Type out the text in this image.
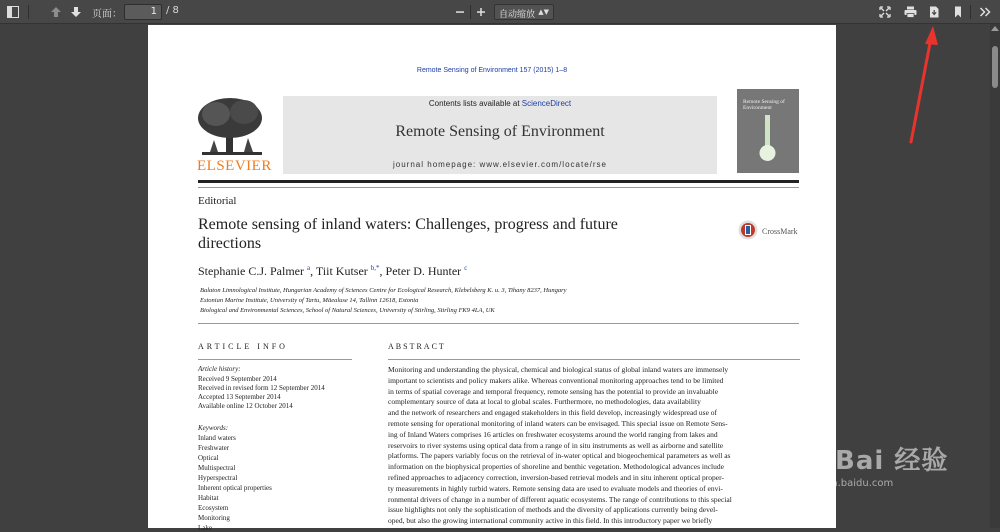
页面：	1 / 8	自动缩放 ▲▼
Remote Sensing of Environment 157 (2015) 1–8
ELSEVIER
Contents lists available at ScienceDirect
Remote Sensing of Environment
journal homepage: www.elsevier.com/locate/rse
Remote Sensing of Environment
Editorial
Remote sensing of inland waters: Challenges, progress and future directions
CrossMark
Stephanie C.J. Palmer $^a$, Tiit Kutser $^{b,*}$, Peter D. Hunter $^c$
Balaton Limnological Institute, Hungarian Academy of Sciences Centre for Ecological Research, Klebelsberg K. u. 3, Tihany 8237, Hungary
Estonian Marine Institute, University of Tartu, Mäealuse 14, Tallinn 12618, Estonia
Biological and Environmental Sciences, School of Natural Sciences, University of Stirling, Stirling FK9 4LA, UK
ARTICLE INFO	ABSTRACT
Article history:
Received 9 September 2014
Received in revised form 12 September 2014
Accepted 13 September 2014
Available online 12 October 2014
Keywords:
Inland waters
Freshwater
Optical
Multispectral
Hyperspectral
Inherent optical properties
Habitat
Ecosystem
Monitoring
Lake
Monitoring and understanding the physical, chemical and biological status of global inland waters are immensely
important to scientists and policy makers alike. Whereas conventional monitoring approaches tend to be limited
in terms of spatial coverage and temporal frequency, remote sensing has the potential to provide an invaluable
complementary source of data at local to global scales. Furthermore, no methodologies, data availability
and the network of researchers and engaged stakeholders in this field develop, increasingly widespread use of
remote sensing for operational monitoring of inland waters can be envisaged. This special issue on Remote Sens-
ing of Inland Waters comprises 16 articles on freshwater ecosystems around the world ranging from lakes and
reservoirs to river systems using optical data from a range of in situ instruments as well as airborne and satellite
platforms. The papers variably focus on the retrieval of in-water optical and biogeochemical parameters as well as
information on the biophysical properties of shoreline and benthic vegetation. Methodological advances include
refined approaches to adjacency correction, inversion-based retrieval models and in situ inherent optical proper-
ty measurements in highly turbid waters. Remote sensing data are used to evaluate models and theories of envi-
ronmental drivers of change in a number of different aquatic ecosystems. The range of contributions to this special
issue highlights not only the sophistication of methods and the diversity of applications currently being devel-
oped, but also the growing international community active in this field. In this introductory paper we briefly
Bai 经验
jingyan.baidu.com
